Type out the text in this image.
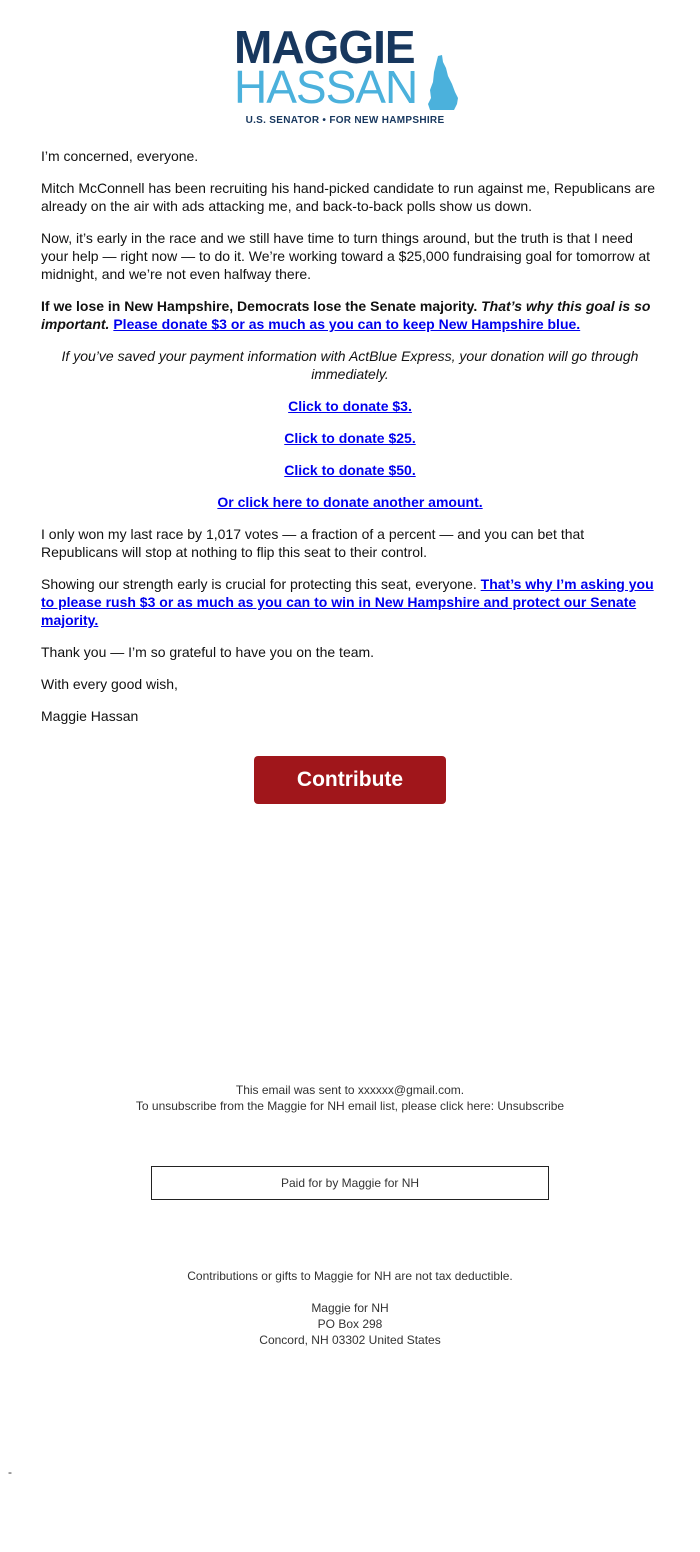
MAGGIE
HASSAN
U.S. SENATOR • FOR NEW HAMPSHIRE

I’m concerned, everyone.

Mitch McConnell has been recruiting his hand-picked candidate to run against me, Republicans are already on the air with ads attacking me, and back-to-back polls show us down.

Now, it’s early in the race and we still have time to turn things around, but the truth is that I need your help — right now — to do it. We’re working toward a $25,000 fundraising goal for tomorrow at midnight, and we’re not even halfway there.

If we lose in New Hampshire, Democrats lose the Senate majority. That’s why this goal is so important. Please donate $3 or as much as you can to keep New Hampshire blue.

If you’ve saved your payment information with ActBlue Express, your donation will go through immediately.

Click to donate $3.

Click to donate $25.

Click to donate $50.

Or click here to donate another amount.

I only won my last race by 1,017 votes — a fraction of a percent — and you can bet that Republicans will stop at nothing to flip this seat to their control.

Showing our strength early is crucial for protecting this seat, everyone. That’s why I’m asking you to please rush $3 or as much as you can to win in New Hampshire and protect our Senate majority.

Thank you — I’m so grateful to have you on the team.

With every good wish,

Maggie Hassan

Contribute
This email was sent to xxxxxx@gmail.com.
To unsubscribe from the Maggie for NH email list, please click here: Unsubscribe
Paid for by Maggie for NH
Contributions or gifts to Maggie for NH are not tax deductible.
Maggie for NH
PO Box 298
Concord, NH 03302 United States
-
